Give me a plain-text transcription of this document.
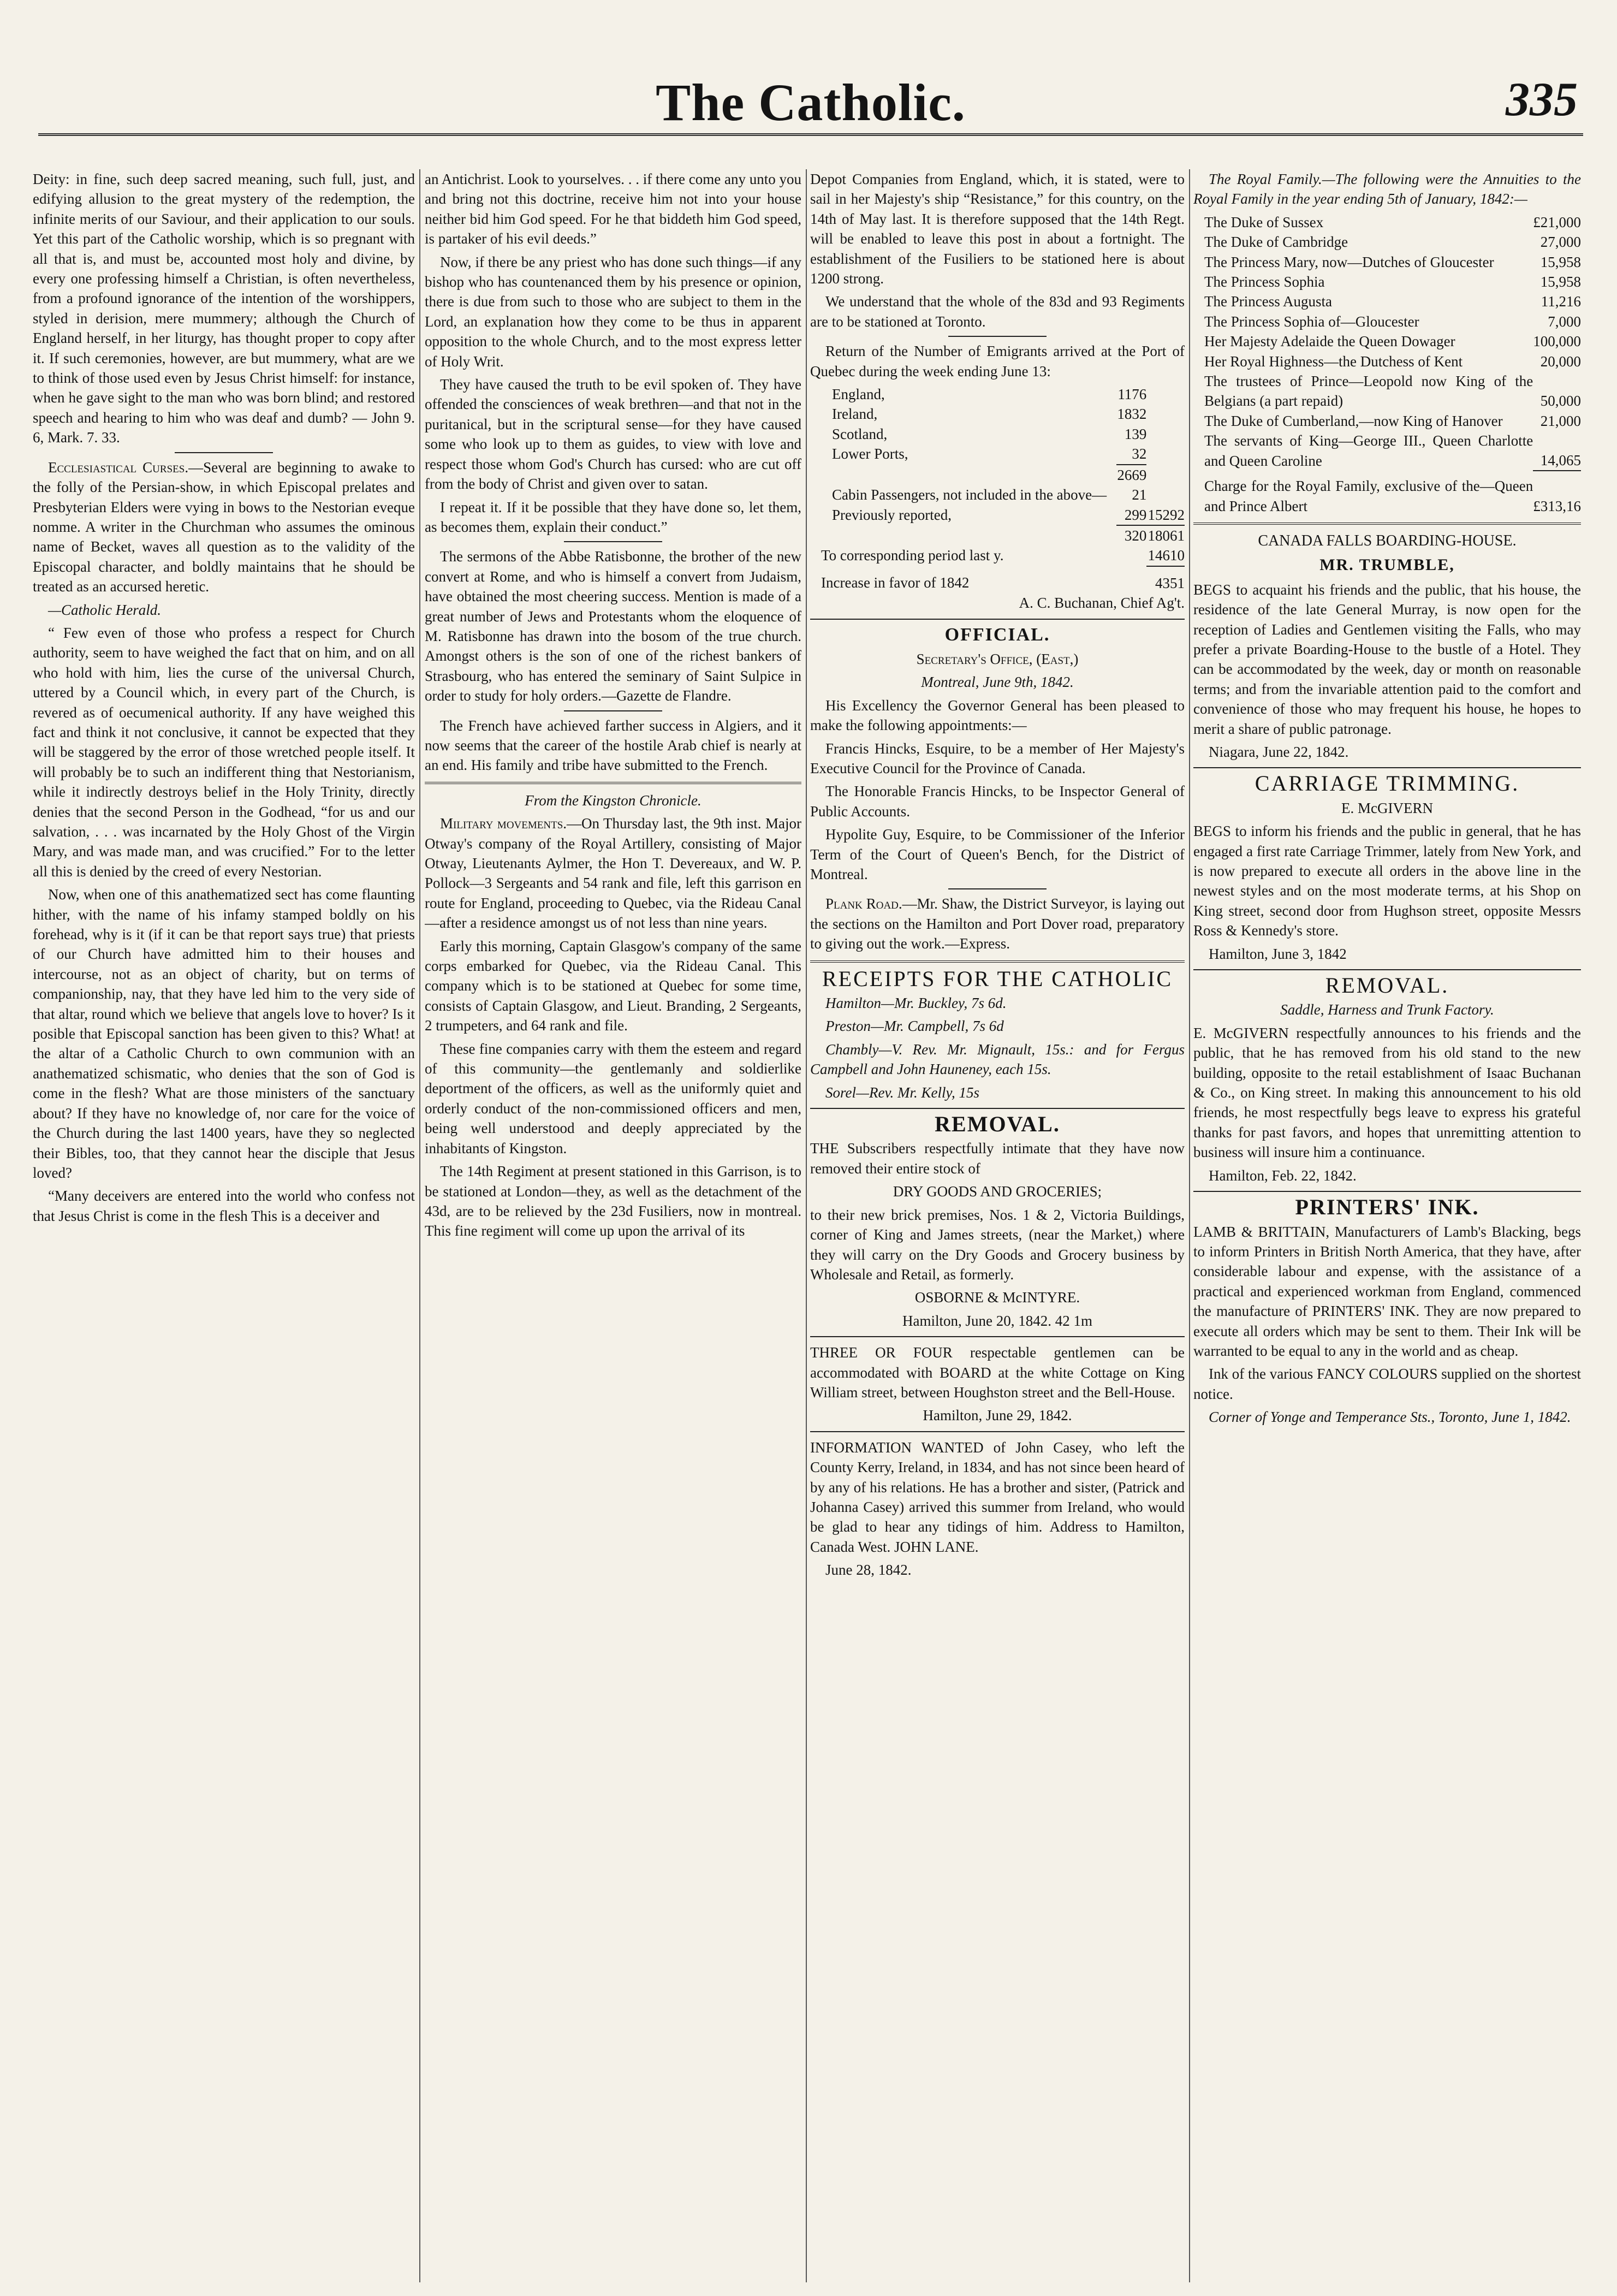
The Catholic.	335

Deity: in fine, such deep sacred meaning, such full, just, and edifying allusion to the great mystery of the redemption, the infinite merits of our Saviour, and their application to our souls. Yet this part of the Catholic worship, which is so pregnant with all that is, and must be, accounted most holy and divine, by every one professing himself a Christian, is often nevertheless, from a profound ignorance of the intention of the worshippers, styled in derision, mere mummery; although the Church of England herself, in her liturgy, has thought proper to copy after it. If such ceremonies, however, are but mummery, what are we to think of those used even by Jesus Christ himself: for instance, when he gave sight to the man who was born blind; and restored speech and hearing to him who was deaf and dumb? — John 9. 6, Mark. 7. 33.

Ecclesiastical Curses.—Several are beginning to awake to the folly of the Persian-show, in which Episcopal prelates and Presbyterian Elders were vying in bows to the Nestorian eveque nomme. A writer in the Churchman who assumes the ominous name of Becket, waves all question as to the validity of the Episcopal character, and boldly maintains that he should be treated as an accursed heretic.

—Catholic Herald.

“ Few even of those who profess a respect for Church authority, seem to have weighed the fact that on him, and on all who hold with him, lies the curse of the universal Church, uttered by a Council which, in every part of the Church, is revered as of oecumenical authority. If any have weighed this fact and think it not conclusive, it cannot be expected that they will be staggered by the error of those wretched people itself. It will probably be to such an indifferent thing that Nestorianism, while it indirectly destroys belief in the Holy Trinity, directly denies that the second Person in the Godhead, “for us and our salvation, . . . was incarnated by the Holy Ghost of the Virgin Mary, and was made man, and was crucified.” For to the letter all this is denied by the creed of every Nestorian.

Now, when one of this anathematized sect has come flaunting hither, with the name of his infamy stamped boldly on his forehead, why is it (if it can be that report says true) that priests of our Church have admitted him to their houses and intercourse, not as an object of charity, but on terms of companionship, nay, that they have led him to the very side of that altar, round which we believe that angels love to hover? Is it posible that Episcopal sanction has been given to this? What! at the altar of a Catholic Church to own communion with an anathematized schismatic, who denies that the son of God is come in the flesh? What are those ministers of the sanctuary about? If they have no knowledge of, nor care for the voice of the Church during the last 1400 years, have they so neglected their Bibles, too, that they cannot hear the disciple that Jesus loved?

“Many deceivers are entered into the world who confess not that Jesus Christ is come in the flesh This is a deceiver and

an Antichrist. Look to yourselves. . . if there come any unto you and bring not this doctrine, receive him not into your house neither bid him God speed. For he that biddeth him God speed, is partaker of his evil deeds.”

Now, if there be any priest who has done such things—if any bishop who has countenanced them by his presence or opinion, there is due from such to those who are subject to them in the Lord, an explanation how they come to be thus in apparent opposition to the whole Church, and to the most express letter of Holy Writ.

They have caused the truth to be evil spoken of. They have offended the consciences of weak brethren—and that not in the puritanical, but in the scriptural sense—for they have caused some who look up to them as guides, to view with love and respect those whom God's Church has cursed: who are cut off from the body of Christ and given over to satan.

I repeat it. If it be possible that they have done so, let them, as becomes them, explain their conduct.”

The sermons of the Abbe Ratisbonne, the brother of the new convert at Rome, and who is himself a convert from Judaism, have obtained the most cheering success. Mention is made of a great number of Jews and Protestants whom the eloquence of M. Ratisbonne has drawn into the bosom of the true church. Amongst others is the son of one of the richest bankers of Strasbourg, who has entered the seminary of Saint Sulpice in order to study for holy orders.—Gazette de Flandre.

The French have achieved farther success in Algiers, and it now seems that the career of the hostile Arab chief is nearly at an end. His family and tribe have submitted to the French.

From the Kingston Chronicle.

Military movements.—On Thursday last, the 9th inst. Major Otway's company of the Royal Artillery, consisting of Major Otway, Lieutenants Aylmer, the Hon T. Devereaux, and W. P. Pollock—3 Sergeants and 54 rank and file, left this garrison en route for England, proceeding to Quebec, via the Rideau Canal—after a residence amongst us of not less than nine years.

Early this morning, Captain Glasgow's company of the same corps embarked for Quebec, via the Rideau Canal. This company which is to be stationed at Quebec for some time, consists of Captain Glasgow, and Lieut. Branding, 2 Sergeants, 2 trumpeters, and 64 rank and file.

These fine companies carry with them the esteem and regard of this community—the gentlemanly and soldierlike deportment of the officers, as well as the uniformly quiet and orderly conduct of the non-commissioned officers and men, being well understood and deeply appreciated by the inhabitants of Kingston.

The 14th Regiment at present stationed in this Garrison, is to be stationed at London—they, as well as the detachment of the 43d, are to be relieved by the 23d Fusiliers, now in montreal. This fine regiment will come up upon the arrival of its

Depot Companies from England, which, it is stated, were to sail in her Majesty's ship “Resistance,” for this country, on the 14th of May last. It is therefore supposed that the 14th Regt. will be enabled to leave this post in about a fortnight. The establishment of the Fusiliers to be stationed here is about 1200 strong.

We understand that the whole of the 83d and 93 Regiments are to be stationed at Toronto.

Return of the Number of Emigrants arrived at the Port of Quebec during the week ending June 13:

England,	1176	
Ireland,	1832	
Scotland,	139	
Lower Ports,	32	
	2669	
Cabin Passengers, not included in the above—	21	
Previously reported,	299	15292
	320	18061
To corresponding period last y.		14610
Increase in favor of 1842		4351

A. C. Buchanan, Chief Ag't.

OFFICIAL.

Secretary's Office, (East,)

Montreal, June 9th, 1842.

His Excellency the Governor General has been pleased to make the following appointments:—

Francis Hincks, Esquire, to be a member of Her Majesty's Executive Council for the Province of Canada.

The Honorable Francis Hincks, to be Inspector General of Public Accounts.

Hypolite Guy, Esquire, to be Commissioner of the Inferior Term of the Court of Queen's Bench, for the District of Montreal.

Plank Road.—Mr. Shaw, the District Surveyor, is laying out the sections on the Hamilton and Port Dover road, preparatory to giving out the work.—Express.

RECEIPTS FOR THE CATHOLIC

Hamilton—Mr. Buckley, 7s 6d.

Preston—Mr. Campbell, 7s 6d

Chambly—V. Rev. Mr. Mignault, 15s.: and for Fergus Campbell and John Hauneney, each 15s.

Sorel—Rev. Mr. Kelly, 15s

REMOVAL.

THE Subscribers respectfully intimate that they have now removed their entire stock of

DRY GOODS AND GROCERIES;

to their new brick premises, Nos. 1 & 2, Victoria Buildings, corner of King and James streets, (near the Market,) where they will carry on the Dry Goods and Grocery business by Wholesale and Retail, as formerly.

OSBORNE & McINTYRE.

Hamilton, June 20, 1842. 42 1m

THREE OR FOUR respectable gentlemen can be accommodated with BOARD at the white Cottage on King William street, between Houghston street and the Bell-House.

Hamilton, June 29, 1842.

INFORMATION WANTED of John Casey, who left the County Kerry, Ireland, in 1834, and has not since been heard of by any of his relations. He has a brother and sister, (Patrick and Johanna Casey) arrived this summer from Ireland, who would be glad to hear any tidings of him. Address to Hamilton, Canada West. JOHN LANE.

June 28, 1842.

The Royal Family.—The following were the Annuities to the Royal Family in the year ending 5th of January, 1842:—

The Duke of Sussex	£21,000
The Duke of Cambridge	27,000
The Princess Mary, now—Dutches of Gloucester	15,958
The Princess Sophia	15,958
The Princess Augusta	11,216
The Princess Sophia of—Gloucester	7,000
Her Majesty Adelaide the Queen Dowager	100,000
Her Royal Highness—the Dutchess of Kent	20,000
The trustees of Prince—Leopold now King of the Belgians (a part repaid)	50,000
The Duke of Cumberland,—now King of Hanover	21,000
The servants of King—George III., Queen Charlotte and Queen Caroline	14,065
Charge for the Royal Family, exclusive of the—Queen and Prince Albert	£313,16

CANADA FALLS BOARDING-HOUSE.

MR. TRUMBLE,

BEGS to acquaint his friends and the public, that his house, the residence of the late General Murray, is now open for the reception of Ladies and Gentlemen visiting the Falls, who may prefer a private Boarding-House to the bustle of a Hotel. They can be accommodated by the week, day or month on reasonable terms; and from the invariable attention paid to the comfort and convenience of those who may frequent his house, he hopes to merit a share of public patronage.

Niagara, June 22, 1842.

CARRIAGE TRIMMING.

E. McGIVERN

BEGS to inform his friends and the public in general, that he has engaged a first rate Carriage Trimmer, lately from New York, and is now prepared to execute all orders in the above line in the newest styles and on the most moderate terms, at his Shop on King street, second door from Hughson street, opposite Messrs Ross & Kennedy's store.

Hamilton, June 3, 1842

REMOVAL.

Saddle, Harness and Trunk Factory.

E. McGIVERN respectfully announces to his friends and the public, that he has removed from his old stand to the new building, opposite to the retail establishment of Isaac Buchanan & Co., on King street. In making this announcement to his old friends, he most respectfully begs leave to express his grateful thanks for past favors, and hopes that unremitting attention to business will insure him a continuance.

Hamilton, Feb. 22, 1842.

PRINTERS' INK.

LAMB & BRITTAIN, Manufacturers of Lamb's Blacking, begs to inform Printers in British North America, that they have, after considerable labour and expense, with the assistance of a practical and experienced workman from England, commenced the manufacture of PRINTERS' INK. They are now prepared to execute all orders which may be sent to them. Their Ink will be warranted to be equal to any in the world and as cheap.

Ink of the various FANCY COLOURS supplied on the shortest notice.

Corner of Yonge and Temperance Sts., Toronto, June 1, 1842.
